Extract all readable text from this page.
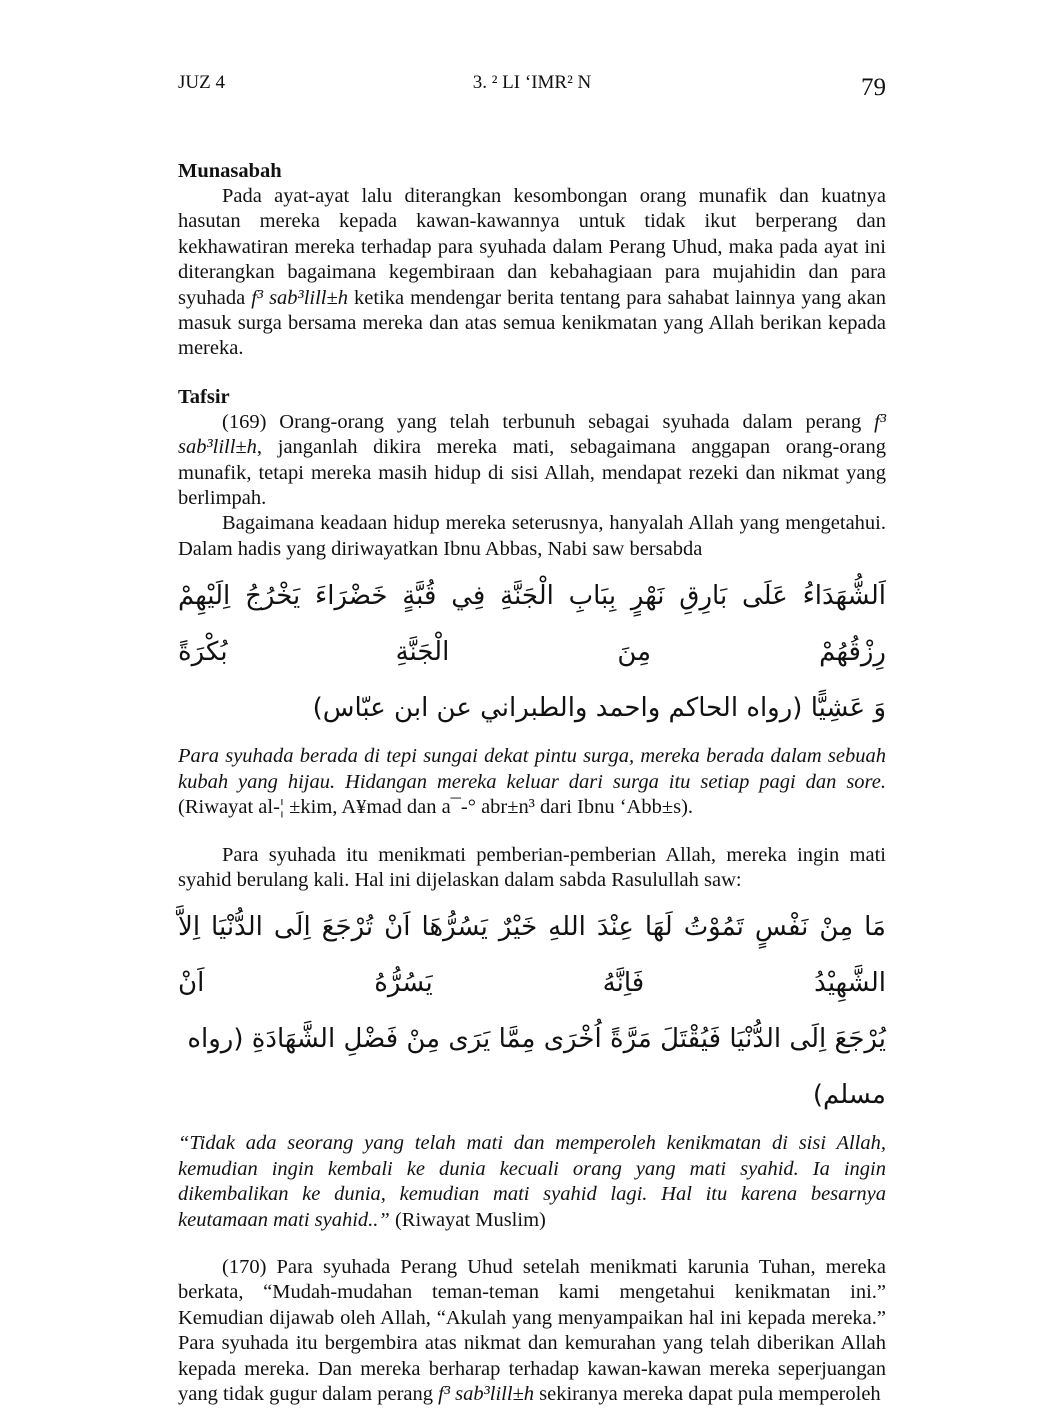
JUZ 4	3. ² LI ‘IMR² N	79
Munasabah

Pada ayat-ayat lalu diterangkan kesombongan orang munafik dan kuatnya hasutan mereka kepada kawan-kawannya untuk tidak ikut berperang dan kekhawatiran mereka terhadap para syuhada dalam Perang Uhud, maka pada ayat ini diterangkan bagaimana kegembiraan dan kebahagiaan para mujahidin dan para syuhada f³ sab³lill±h ketika mendengar berita tentang para sahabat lainnya yang akan masuk surga bersama mereka dan atas semua kenikmatan yang Allah berikan kepada mereka.

Tafsir

(169) Orang-orang yang telah terbunuh sebagai syuhada dalam perang f³ sab³lill±h, janganlah dikira mereka mati, sebagaimana anggapan orang-orang munafik, tetapi mereka masih hidup di sisi Allah, mendapat rezeki dan nikmat yang berlimpah.

Bagaimana keadaan hidup mereka seterusnya, hanyalah Allah yang mengetahui. Dalam hadis yang diriwayatkan Ibnu Abbas, Nabi saw bersabda

اَلشُّهَدَاءُ عَلَى بَارِقِ نَهْرٍ بِبَابِ الْجَنَّةِ فِي قُبَّةٍ خَضْرَاءَ يَخْرُجُ اِلَيْهِمْ رِزْقُهُمْ مِنَ الْجَنَّةِ بُكْرَةً

وَ عَشِيًّا (رواه الحاكم واحمد والطبراني عن ابن عبّاس)

Para syuhada berada di tepi sungai dekat pintu surga, mereka berada dalam sebuah kubah yang hijau. Hidangan mereka keluar dari surga itu setiap pagi dan sore. (Riwayat al-¦ ±kim, A¥mad dan a¯-° abr±n³ dari Ibnu ‘Abb±s).

Para syuhada itu menikmati pemberian-pemberian Allah, mereka ingin mati syahid berulang kali. Hal ini dijelaskan dalam sabda Rasulullah saw:

مَا مِنْ نَفْسٍ تَمُوْتُ لَهَا عِنْدَ اللهِ خَيْرٌ يَسُرُّهَا اَنْ تُرْجَعَ اِلَى الدُّنْيَا اِلاَّ الشَّهِيْدُ فَاِنَّهُ يَسُرُّهُ اَنْ

يُرْجَعَ اِلَى الدُّنْيَا فَيُقْتَلَ مَرَّةً اُخْرَى مِمَّا يَرَى مِنْ فَضْلِ الشَّهَادَةِ (رواه مسلم)

“Tidak ada seorang yang telah mati dan memperoleh kenikmatan di sisi Allah, kemudian ingin kembali ke dunia kecuali orang yang mati syahid. Ia ingin dikembalikan ke dunia, kemudian mati syahid lagi. Hal itu karena besarnya keutamaan mati syahid..” (Riwayat Muslim)

(170) Para syuhada Perang Uhud setelah menikmati karunia Tuhan, mereka berkata, “Mudah-mudahan teman-teman kami mengetahui kenikmatan ini.” Kemudian dijawab oleh Allah, “Akulah yang menyampaikan hal ini kepada mereka.” Para syuhada itu bergembira atas nikmat dan kemurahan yang telah diberikan Allah kepada mereka. Dan mereka berharap terhadap kawan-kawan mereka seperjuangan yang tidak gugur dalam perang f³ sab³lill±h sekiranya mereka dapat pula memperoleh
